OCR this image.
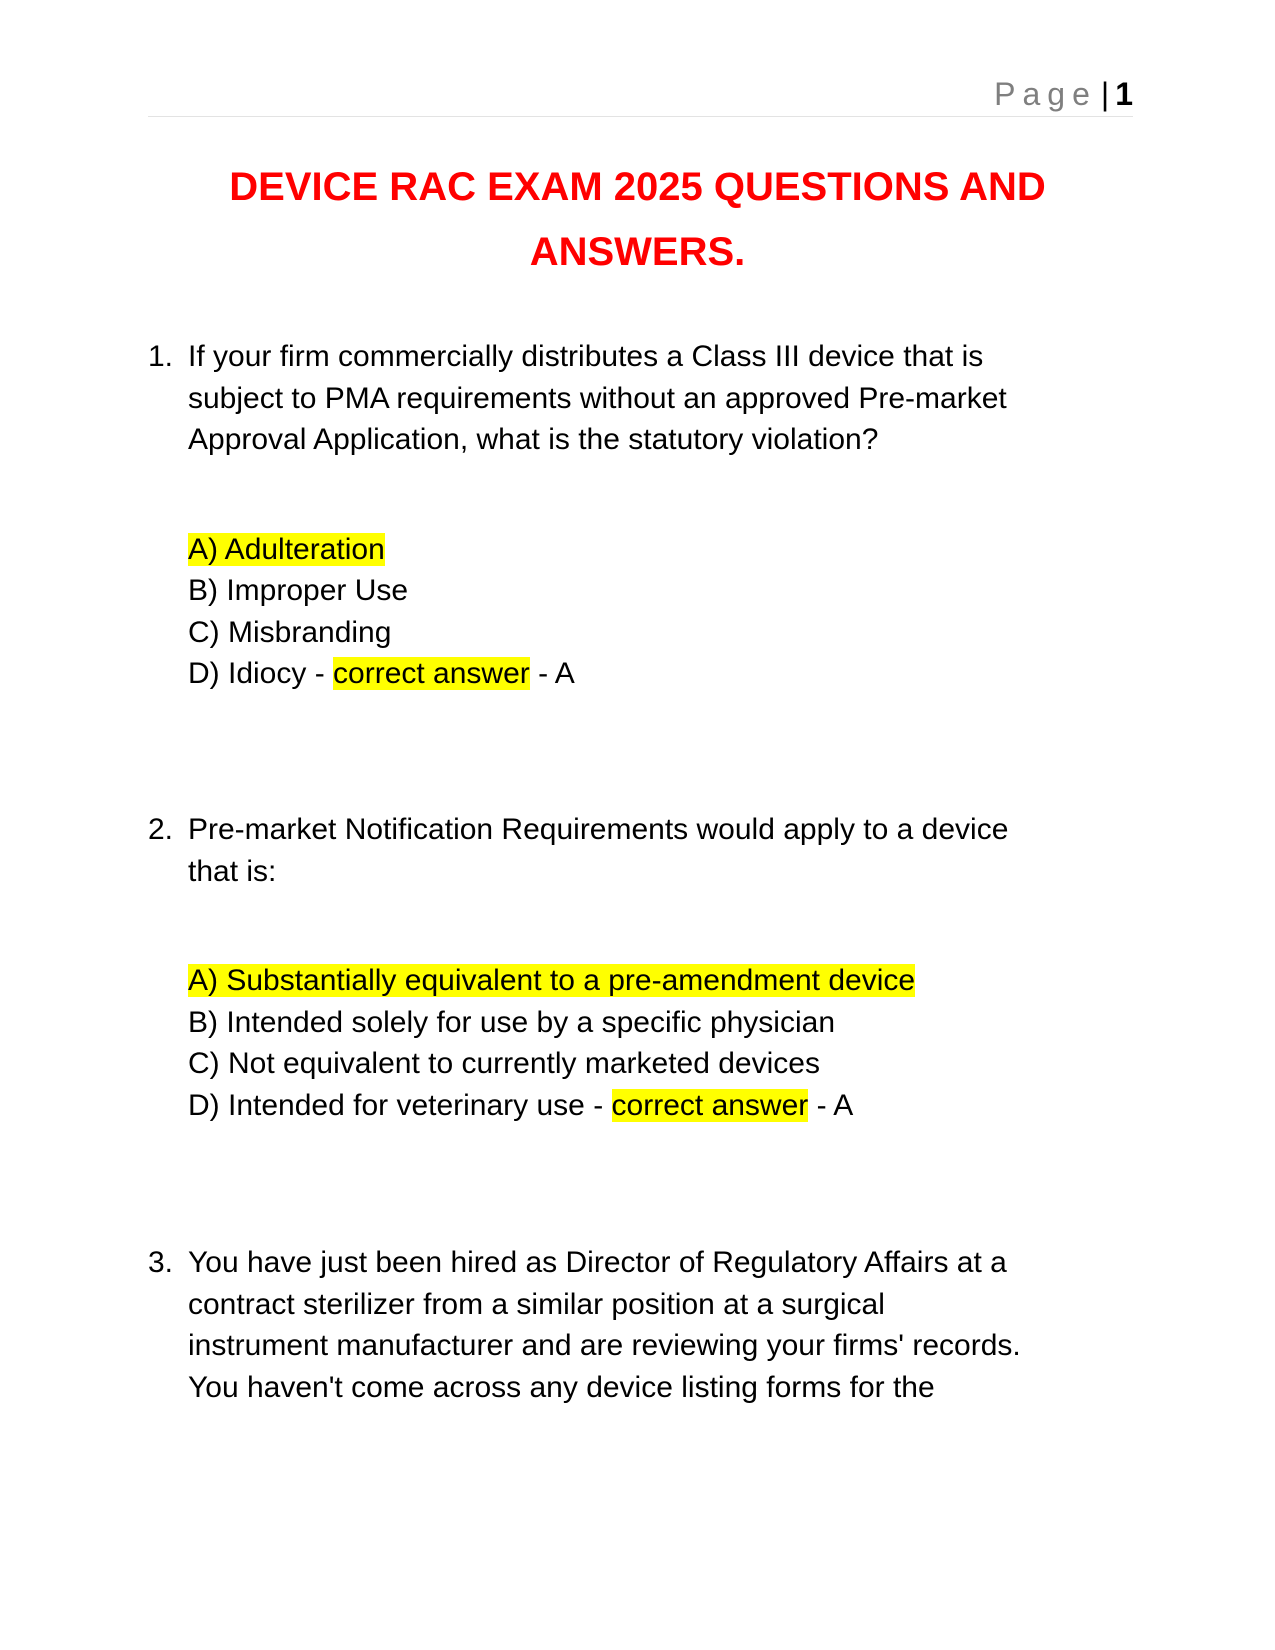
Page | 1
DEVICE RAC EXAM 2025 QUESTIONS AND
ANSWERS.
1. If your firm commercially distributes a Class III device that is
subject to PMA requirements without an approved Pre-market
Approval Application, what is the statutory violation?
A) Adulteration
B) Improper Use
C) Misbranding
D) Idiocy - correct answer - A
2. Pre-market Notification Requirements would apply to a device
that is:
A) Substantially equivalent to a pre-amendment device
B) Intended solely for use by a specific physician
C) Not equivalent to currently marketed devices
D) Intended for veterinary use - correct answer - A
3. You have just been hired as Director of Regulatory Affairs at a
contract sterilizer from a similar position at a surgical
instrument manufacturer and are reviewing your firms' records.
You haven't come across any device listing forms for the
